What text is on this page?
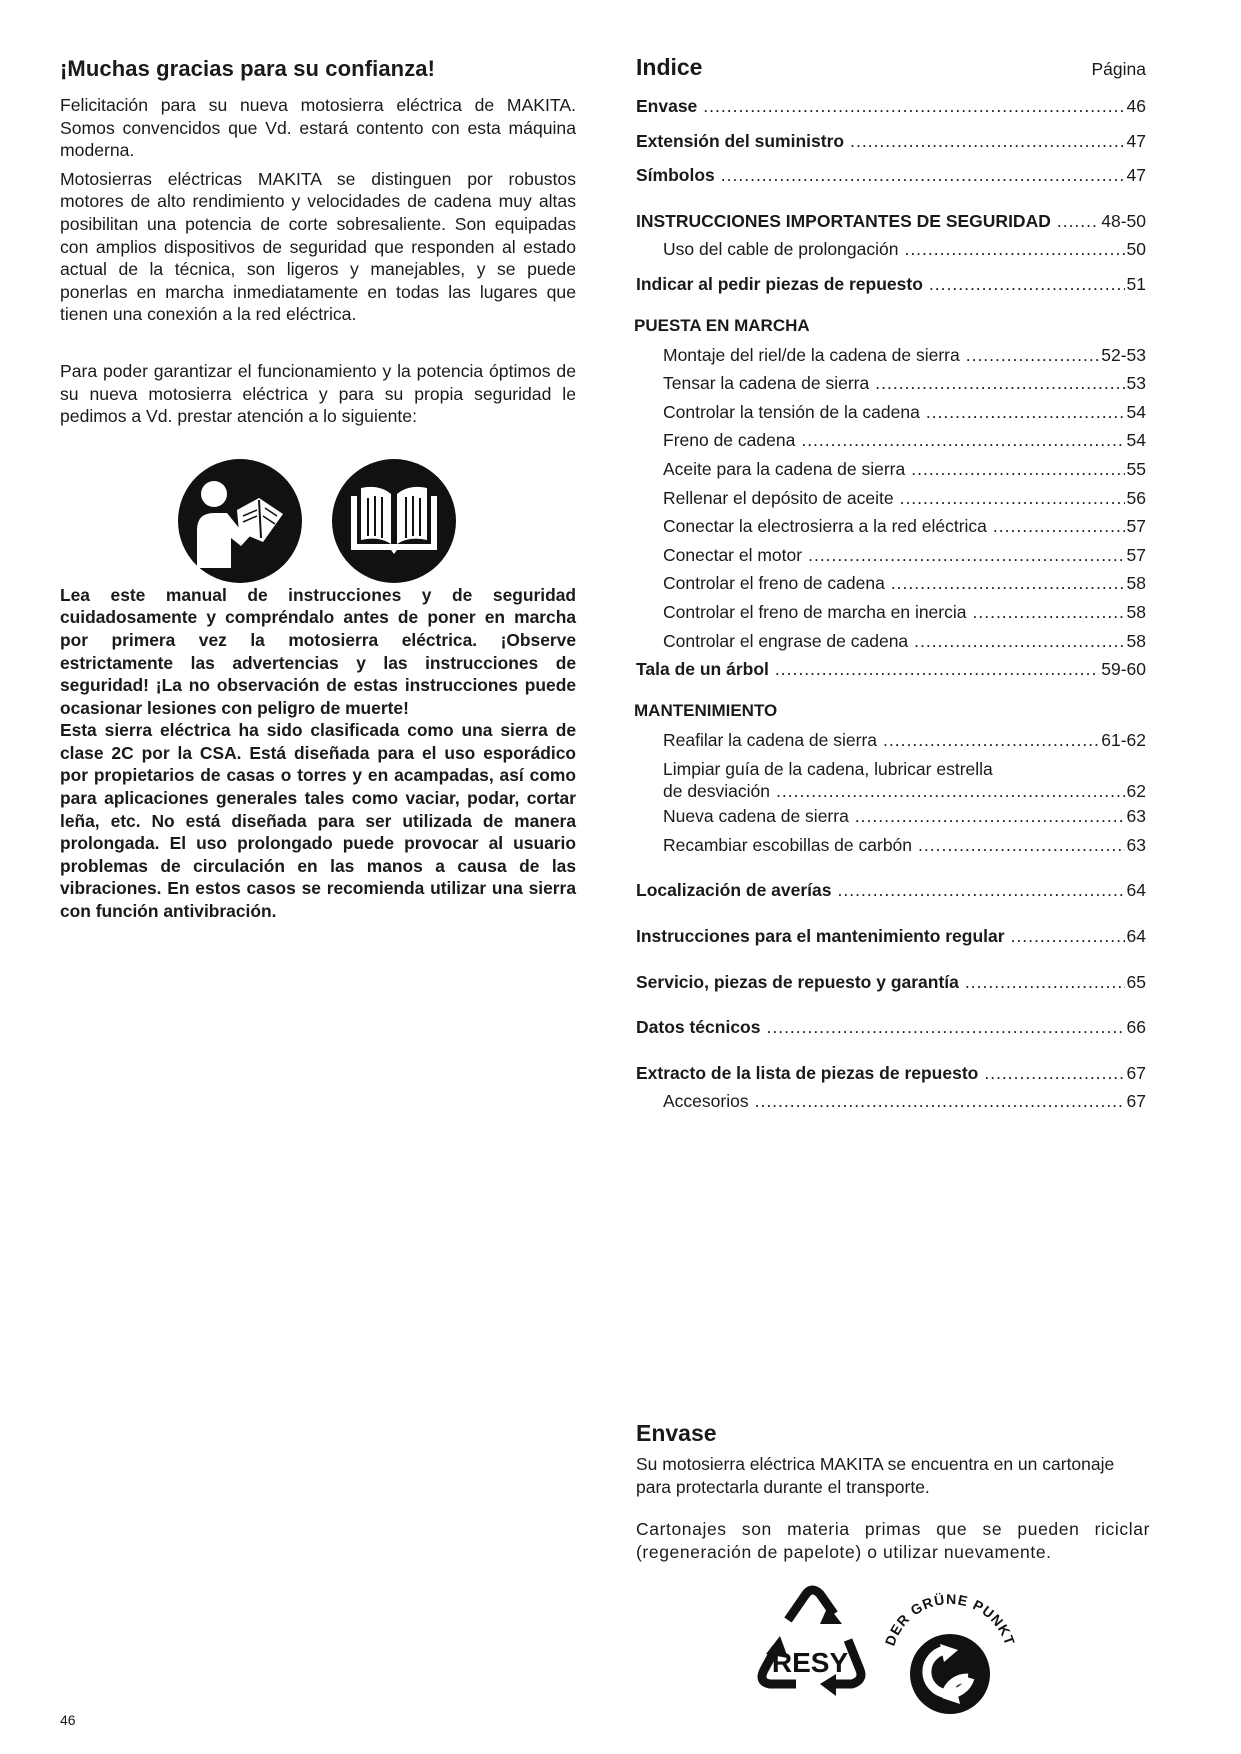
¡Muchas gracias para su confianza!

Felicitación para su nueva motosierra eléctrica de MAKITA. Somos convencidos que Vd. estará contento con esta máquina moderna.

Motosierras eléctricas MAKITA se distinguen por robustos motores de alto rendimiento y velocidades de cadena muy altas posibilitan una potencia de corte sobresaliente. Son equipadas con amplios dispositivos de seguridad que responden al estado actual de la técnica, son ligeros y manejables, y se puede ponerlas en marcha inmediatamente en todas las lugares que tienen una conexión a la red eléctrica.

Para poder garantizar el funcionamiento y la potencia óptimos de su nueva motosierra eléctrica y para su propia seguridad le pedimos a Vd. prestar atención a lo siguiente:

Lea este manual de instrucciones y de seguridad cuidadosamente y compréndalo antes de poner en marcha por primera vez la motosierra eléctrica. ¡Observe estrictamente las advertencias y las instrucciones de seguridad! ¡La no observación de estas instrucciones puede ocasionar lesiones con peligro de muerte!

Esta sierra eléctrica ha sido clasificada como una sierra de clase 2C por la CSA. Está diseñada para el uso esporádico por propietarios de casas o torres y en acampadas, así como para aplicaciones generales tales como vaciar, podar, cortar leña, etc. No está diseñada para ser utilizada de manera prolongada. El uso prolongado puede provocar al usuario problemas de circulación en las manos a causa de las vibraciones. En estos casos se recomienda utilizar una sierra con función antivibración.

Indice	Página
Envase .....	46
Extensión del suministro .....	47
Símbolos .....	47
INSTRUCCIONES IMPORTANTES DE SEGURIDAD .....	48-50
Uso del cable de prolongación .....	50
Indicar al pedir piezas de repuesto .....	51
PUESTA EN MARCHA
Montaje del riel/de la cadena de sierra .....	52-53
Tensar la cadena de sierra .....	53
Controlar la tensión de la cadena .....	54
Freno de cadena .....	54
Aceite para la cadena de sierra .....	55
Rellenar el depósito de aceite .....	56
Conectar la electrosierra a la red eléctrica .....	57
Conectar el motor .....	57
Controlar el freno de cadena .....	58
Controlar el freno de marcha en inercia .....	58
Controlar el engrase de cadena .....	58
Tala de un árbol .....	59-60
MANTENIMIENTO
Reafilar la cadena de sierra .....	61-62
Limpiar guía de la cadena, lubricar estrella
de desviación .....	62
Nueva cadena de sierra .....	63
Recambiar escobillas de carbón .....	63
Localización de averías .....	64
Instrucciones para el mantenimiento regular .....	64
Servicio, piezas de repuesto y garantía .....	65
Datos técnicos .....	66
Extracto de la lista de piezas de repuesto .....	67
Accesorios .....	67
Envase

Su motosierra eléctrica MAKITA se encuentra en un cartonaje para protectarla durante el transporte.

Cartonajes son materia primas que se pueden riciclar (regeneración de papelote) o utilizar nuevamente.

RESY
DER GRÜNE PUNKT
46
